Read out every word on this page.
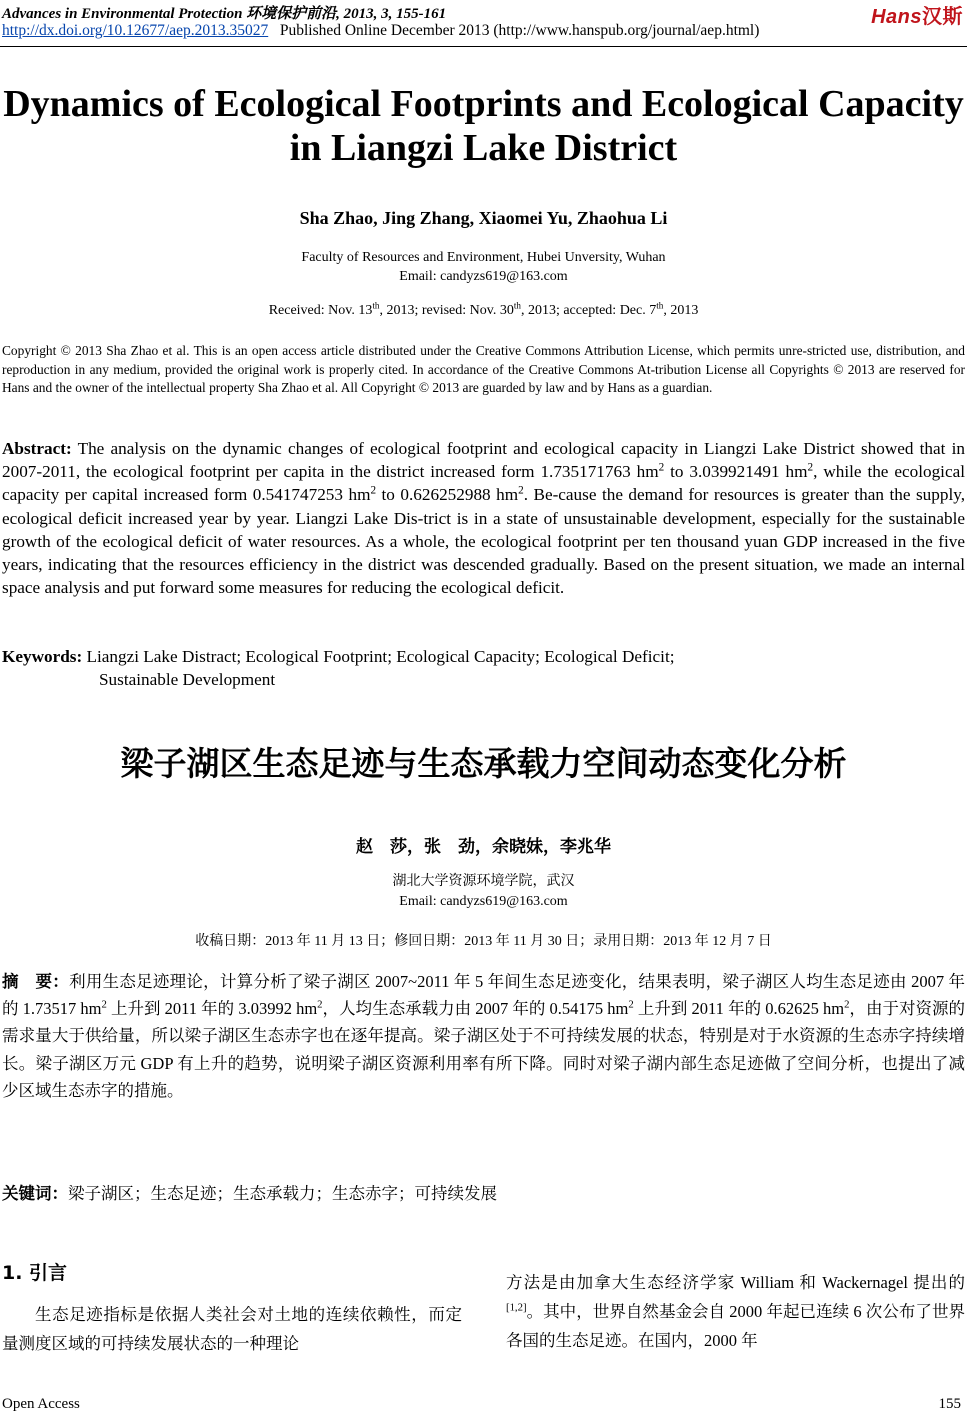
Advances in Environmental Protection 环境保护前沿, 2013, 3, 155-161	Hans汉斯
http://dx.doi.org/10.12677/aep.2013.35027 Published Online December 2013 (http://www.hanspub.org/journal/aep.html)
Dynamics of Ecological Footprints and Ecological Capacity in Liangzi Lake District
Sha Zhao, Jing Zhang, Xiaomei Yu, Zhaohua Li
Faculty of Resources and Environment, Hubei Unversity, Wuhan
Email: candyzs619@163.com
Received: Nov. 13th, 2013; revised: Nov. 30th, 2013; accepted: Dec. 7th, 2013
Copyright © 2013 Sha Zhao et al. This is an open access article distributed under the Creative Commons Attribution License, which permits unre-stricted use, distribution, and reproduction in any medium, provided the original work is properly cited. In accordance of the Creative Commons At-tribution License all Copyrights © 2013 are reserved for Hans and the owner of the intellectual property Sha Zhao et al. All Copyright © 2013 are guarded by law and by Hans as a guardian.
Abstract: The analysis on the dynamic changes of ecological footprint and ecological capacity in Liangzi Lake District showed that in 2007-2011, the ecological footprint per capita in the district increased form 1.735171763 $hm^2$ to 3.039921491 $hm^2$, while the ecological capacity per capital increased form 0.541747253 $hm^2$ to 0.626252988 $hm^2$. Be-cause the demand for resources is greater than the supply, ecological deficit increased year by year. Liangzi Lake Dis-trict is in a state of unsustainable development, especially for the sustainable growth of the ecological deficit of water resources. As a whole, the ecological footprint per ten thousand yuan GDP increased in the five years, indicating that the resources efficiency in the district was descended gradually. Based on the present situation, we made an internal space analysis and put forward some measures for reducing the ecological deficit.
Keywords: Liangzi Lake Distract; Ecological Footprint; Ecological Capacity; Ecological Deficit;
Sustainable Development
梁子湖区生态足迹与生态承载力空间动态变化分析
赵　莎，张　劲，余晓妹，李兆华
湖北大学资源环境学院，武汉
Email: candyzs619@163.com
收稿日期：2013 年 11 月 13 日；修回日期：2013 年 11 月 30 日；录用日期：2013 年 12 月 7 日
摘　要：利用生态足迹理论，计算分析了梁子湖区 2007~2011 年 5 年间生态足迹变化，结果表明，梁子湖区人均生态足迹由 2007 年的 1.73517 $hm^2$ 上升到 2011 年的 3.03992 $hm^2$，人均生态承载力由 2007 年的 0.54175 $hm^2$ 上升到 2011 年的 0.62625 $hm^2$，由于对资源的需求量大于供给量，所以梁子湖区生态赤字也在逐年提高。梁子湖区处于不可持续发展的状态，特别是对于水资源的生态赤字持续增长。梁子湖区万元 GDP 有上升的趋势，说明梁子湖区资源利用率有所下降。同时对梁子湖内部生态足迹做了空间分析，也提出了减少区域生态赤字的措施。
关键词：梁子湖区；生态足迹；生态承载力；生态赤字；可持续发展
1. 引言
生态足迹指标是依据人类社会对土地的连续依赖性，而定量测度区域的可持续发展状态的一种理论
方法是由加拿大生态经济学家 William 和 Wackernagel 提出的[1,2]。其中，世界自然基金会自 2000 年起已连续 6 次公布了世界各国的生态足迹。在国内，2000 年
Open Access	155
